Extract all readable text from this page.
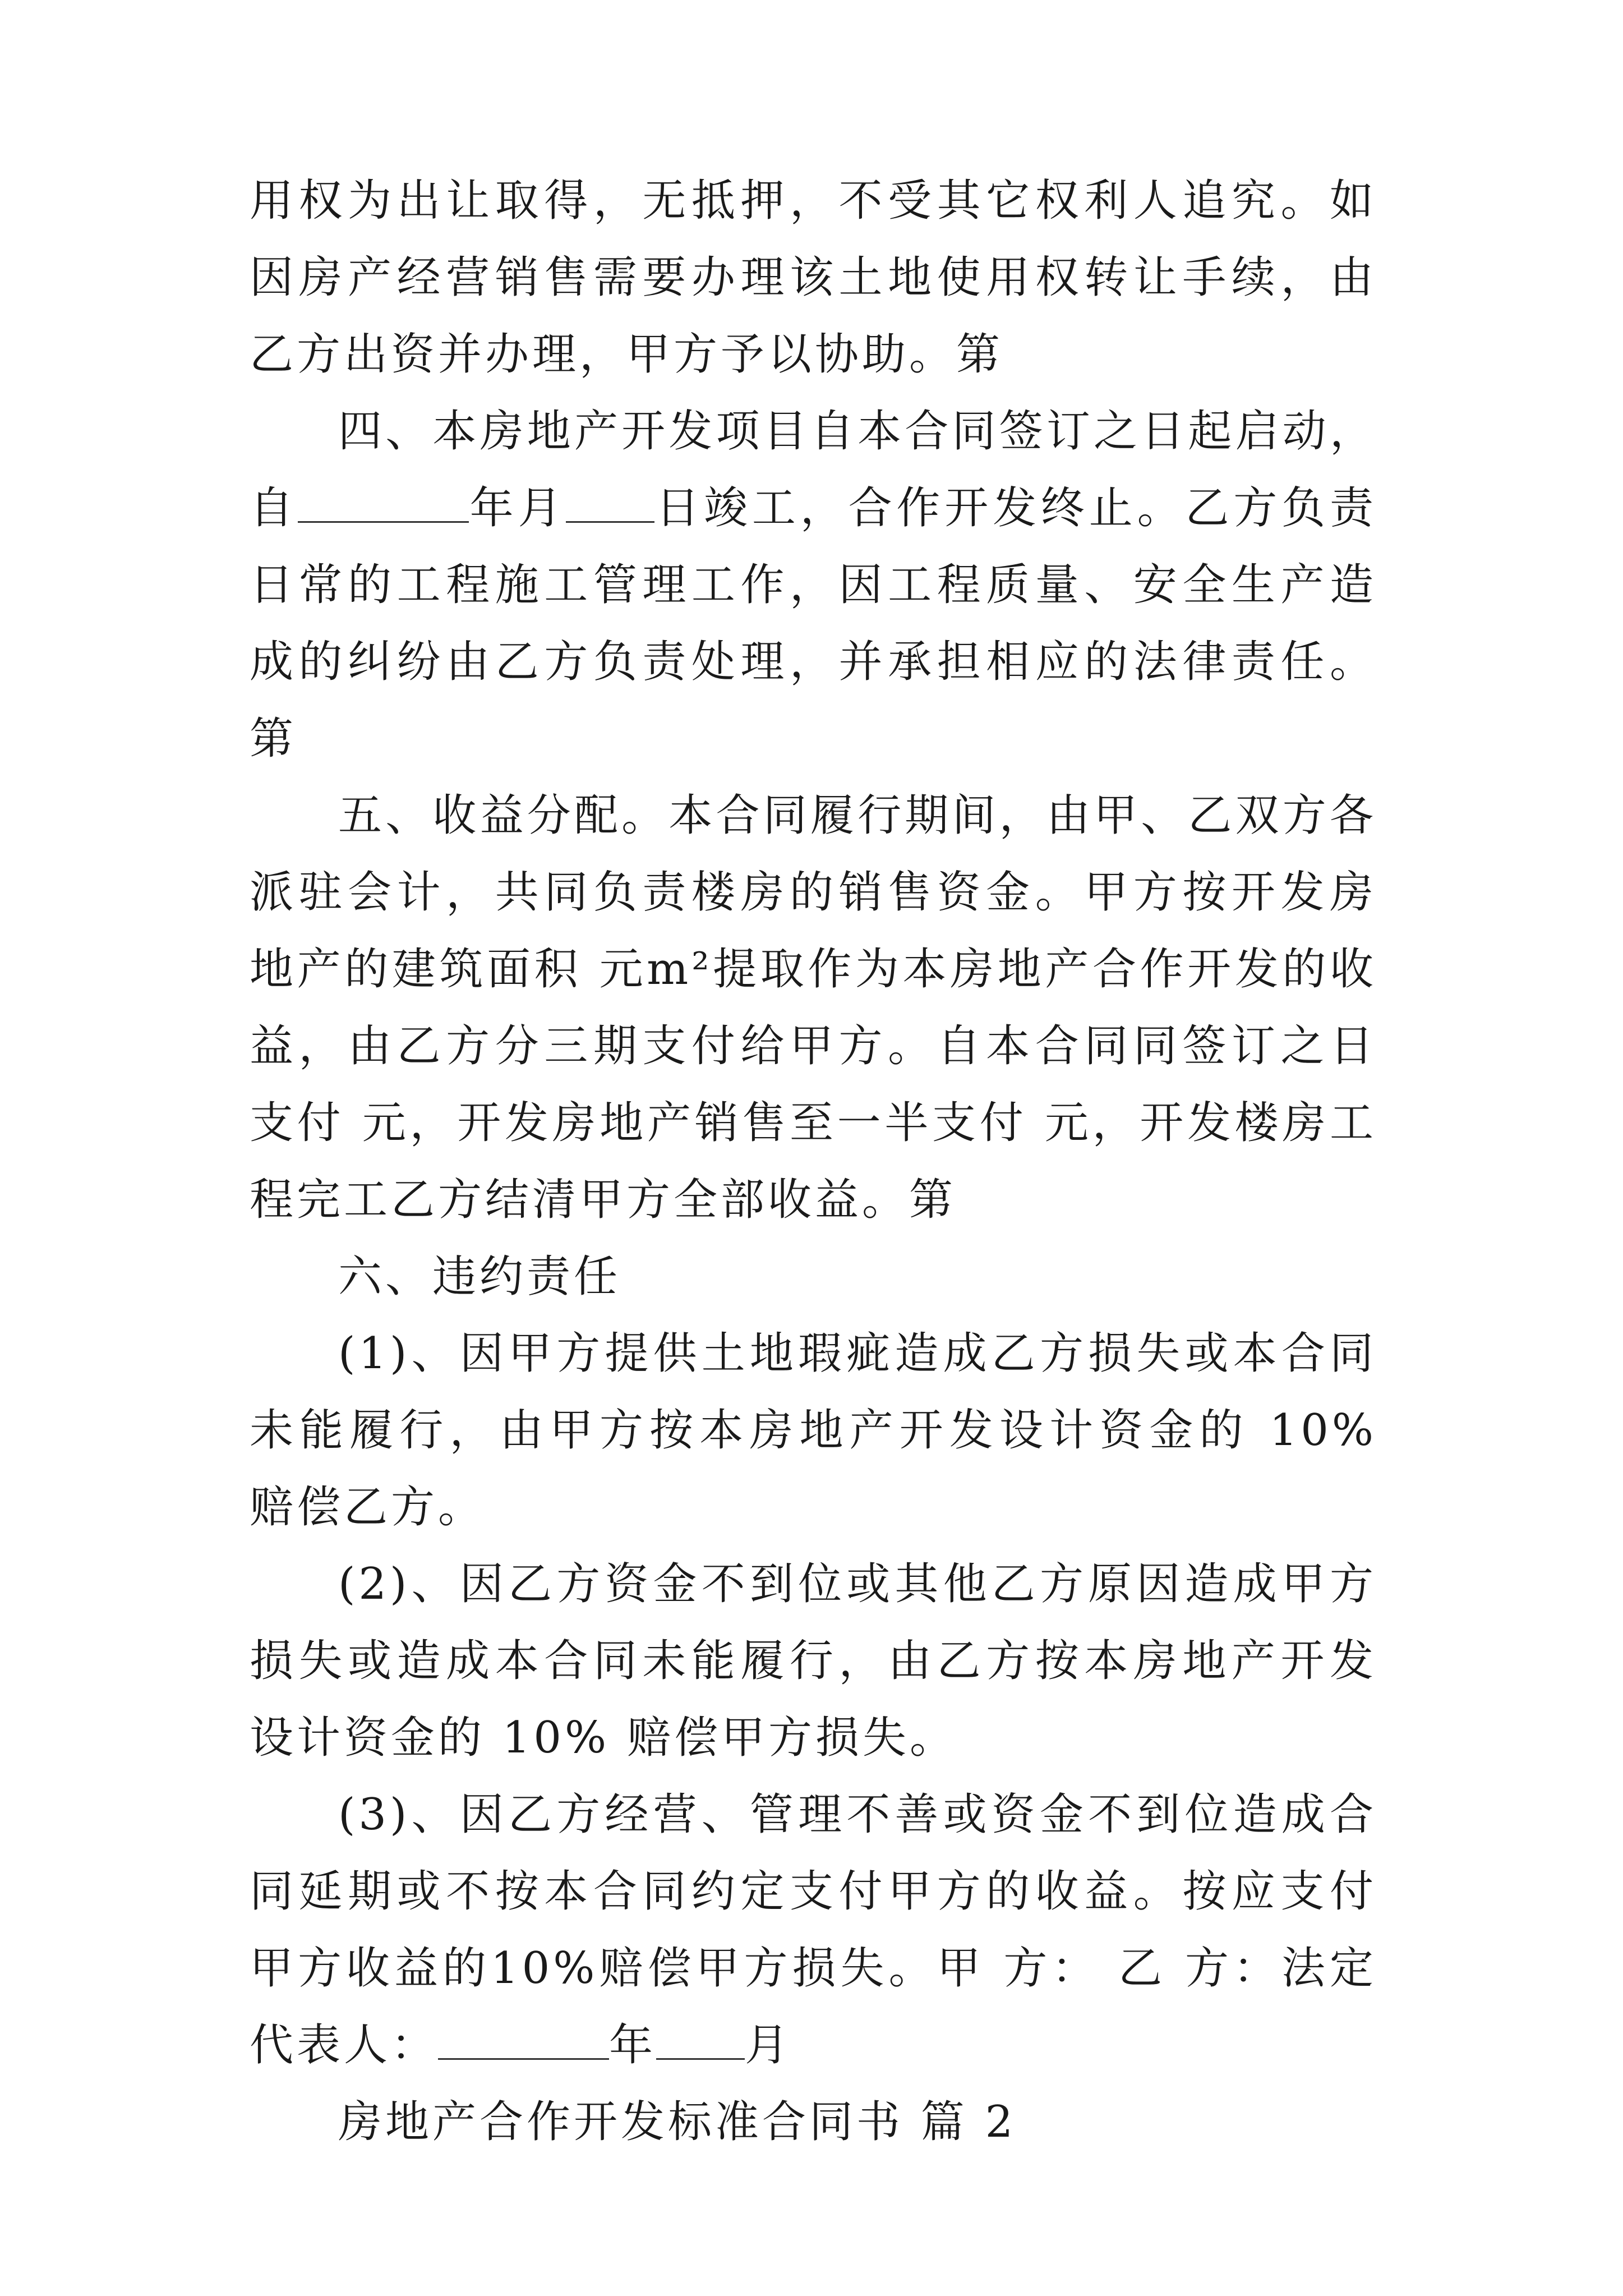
用权为出让取得，无抵押，不受其它权利人追究。如因房产经营销售需要办理该土地使用权转让手续，由乙方出资并办理，甲方予以协助。第

四、本房地产开发项目自本合同签订之日起启动，自	年月 日竣工，合作开发终止。乙方负责日常的工程施工管理工作，因工程质量、安全生产造成的纠纷由乙方负责处理，并承担相应的法律责任。第

五、收益分配。本合同履行期间，由甲、乙双方各派驻会计，共同负责楼房的销售资金。甲方按开发房地产的建筑面积 元m²提取作为本房地产合作开发的收益，由乙方分三期支付给甲方。自本合同同签订之日支付 元，开发房地产销售至一半支付 元，开发楼房工程完工乙方结清甲方全部收益。第

六、违约责任

(1)、因甲方提供土地瑕疵造成乙方损失或本合同未能履行，由甲方按本房地产开发设计资金的 10% 赔偿乙方。

(2)、因乙方资金不到位或其他乙方原因造成甲方损失或造成本合同未能履行，由乙方按本房地产开发设计资金的 10% 赔偿甲方损失。

(3)、因乙方经营、管理不善或资金不到位造成合同延期或不按本合同约定支付甲方的收益。按应支付甲方收益的10%赔偿甲方损失。甲 方： 乙 方：法定代表人：	年 月

房地产合作开发标准合同书 篇 2
